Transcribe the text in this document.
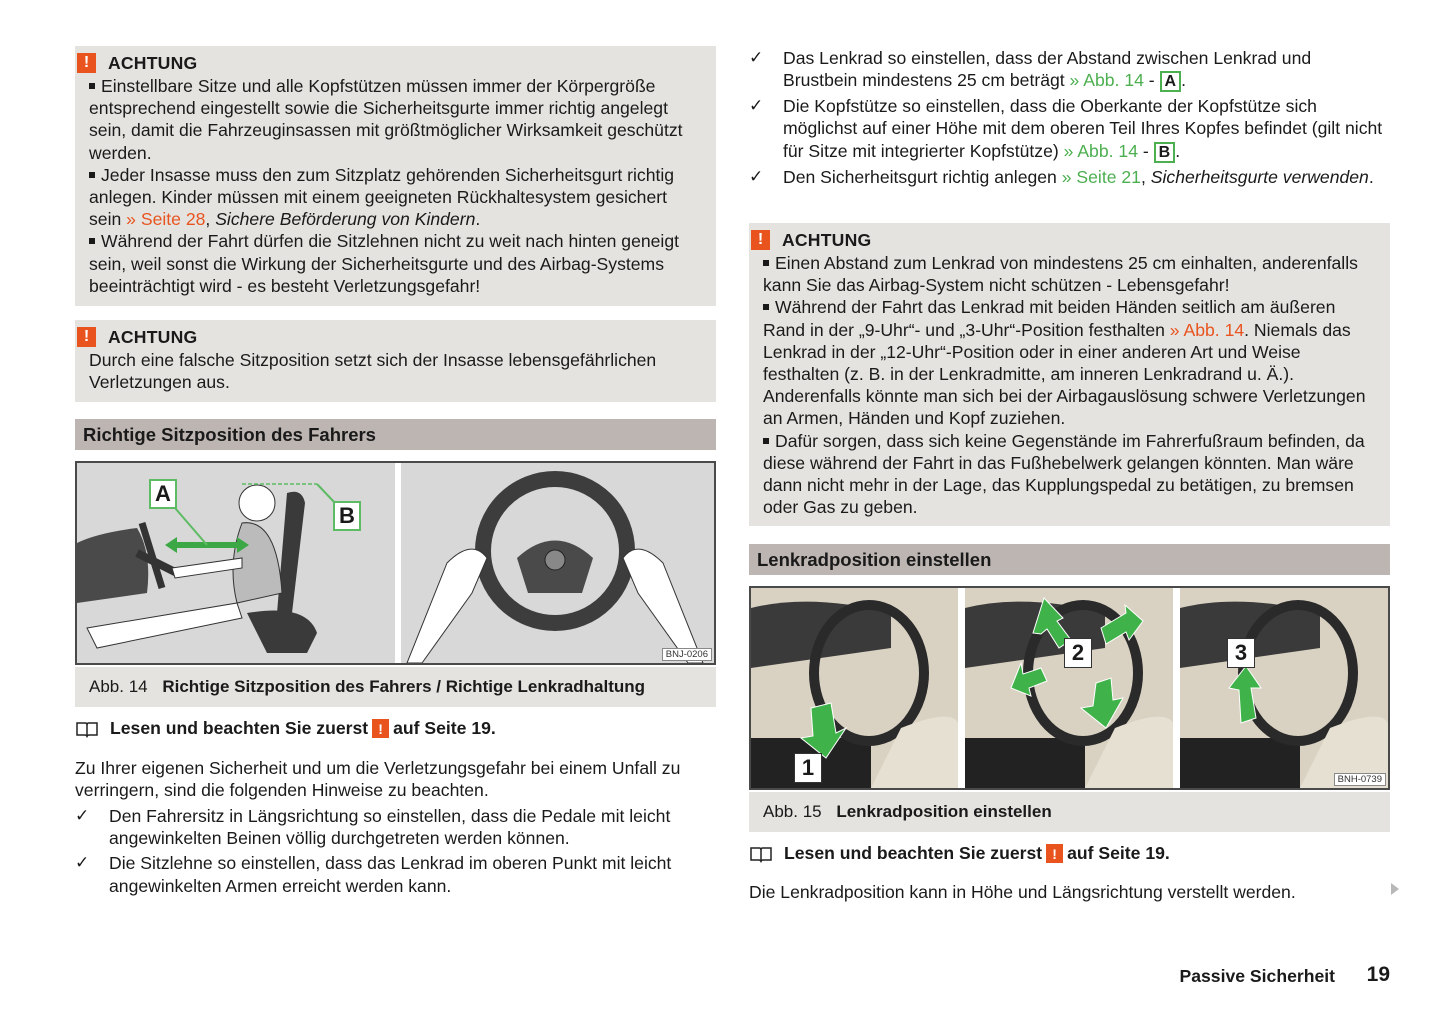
!	ACHTUNG
Einstellbare Sitze und alle Kopfstützen müssen immer der Körpergröße entsprechend eingestellt sowie die Sicherheitsgurte immer richtig angelegt sein, damit die Fahrzeuginsassen mit größtmöglicher Wirksamkeit geschützt werden.
Jeder Insasse muss den zum Sitzplatz gehörenden Sicherheitsgurt richtig anlegen. Kinder müssen mit einem geeigneten Rückhaltesystem gesichert sein » Seite 28, Sichere Beförderung von Kindern.
Während der Fahrt dürfen die Sitzlehnen nicht zu weit nach hinten geneigt sein, weil sonst die Wirkung der Sicherheitsgurte und des Airbag-Systems beeinträchtigt wird - es besteht Verletzungsgefahr!
!	ACHTUNG
Durch eine falsche Sitzposition setzt sich der Insasse lebensgefährlichen Verletzungen aus.
Richtige Sitzposition des Fahrers
A
B
BNJ-0206
Abb. 14 Richtige Sitzposition des Fahrers / Richtige Lenkradhaltung
Lesen und beachten Sie zuerst ! auf Seite 19.
Zu Ihrer eigenen Sicherheit und um die Verletzungsgefahr bei einem Unfall zu verringern, sind die folgenden Hinweise zu beachten.
✓ Den Fahrersitz in Längsrichtung so einstellen, dass die Pedale mit leicht angewinkelten Beinen völlig durchgetreten werden können.
✓ Die Sitzlehne so einstellen, dass das Lenkrad im oberen Punkt mit leicht angewinkelten Armen erreicht werden kann.
✓ Das Lenkrad so einstellen, dass der Abstand zwischen Lenkrad und Brustbein mindestens 25 cm beträgt » Abb. 14 - A .
✓ Die Kopfstütze so einstellen, dass die Oberkante der Kopfstütze sich möglichst auf einer Höhe mit dem oberen Teil Ihres Kopfes befindet (gilt nicht für Sitze mit integrierter Kopfstütze) » Abb. 14 - B .
✓ Den Sicherheitsgurt richtig anlegen » Seite 21, Sicherheitsgurte verwenden.
!	ACHTUNG
Einen Abstand zum Lenkrad von mindestens 25 cm einhalten, anderenfalls kann Sie das Airbag-System nicht schützen - Lebensgefahr!
Während der Fahrt das Lenkrad mit beiden Händen seitlich am äußeren Rand in der „9-Uhr“- und „3-Uhr“-Position festhalten » Abb. 14. Niemals das Lenkrad in der „12-Uhr“-Position oder in einer anderen Art und Weise festhalten (z. B. in der Lenkradmitte, am inneren Lenkradrand u. Ä.). Anderenfalls könnte man sich bei der Airbagauslösung schwere Verletzungen an Armen, Händen und Kopf zuziehen.
Dafür sorgen, dass sich keine Gegenstände im Fahrerfußraum befinden, da diese während der Fahrt in das Fußhebelwerk gelangen könnten. Man wäre dann nicht mehr in der Lage, das Kupplungspedal zu betätigen, zu bremsen oder Gas zu geben.
Lenkradposition einstellen
1
2	3
BNH-0739
Abb. 15 Lenkradposition einstellen
Lesen und beachten Sie zuerst ! auf Seite 19.
Die Lenkradposition kann in Höhe und Längsrichtung verstellt werden.
Passive Sicherheit 19
